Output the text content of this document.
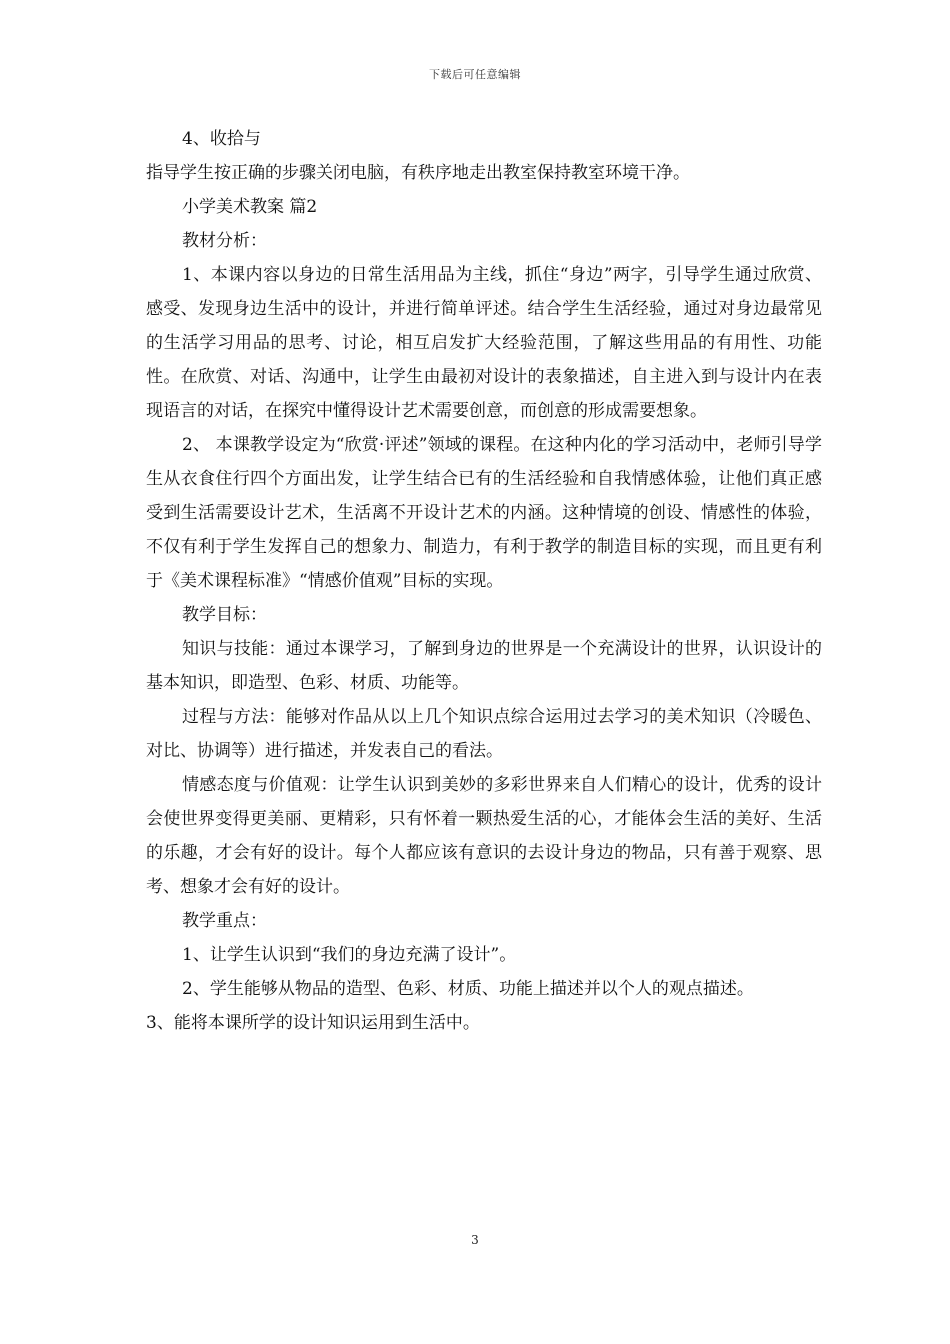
下载后可任意编辑

4、收拾与

指导学生按正确的步骤关闭电脑，有秩序地走出教室保持教室环境干净。

小学美术教案 篇2

教材分析：

1、本课内容以身边的日常生活用品为主线，抓住“身边”两字，引导学生通过欣赏、感受、发现身边生活中的设计，并进行简单评述。结合学生生活经验，通过对身边最常见的生活学习用品的思考、讨论，相互启发扩大经验范围，了解这些用品的有用性、功能性。在欣赏、对话、沟通中，让学生由最初对设计的表象描述，自主进入到与设计内在表现语言的对话，在探究中懂得设计艺术需要创意，而创意的形成需要想象。

2、 本课教学设定为“欣赏·评述”领域的课程。在这种内化的学习活动中，老师引导学生从衣食住行四个方面出发，让学生结合已有的生活经验和自我情感体验，让他们真正感受到生活需要设计艺术，生活离不开设计艺术的内涵。这种情境的创设、情感性的体验，不仅有利于学生发挥自己的想象力、制造力，有利于教学的制造目标的实现，而且更有利于《美术课程标准》“情感价值观”目标的实现。

教学目标：

知识与技能：通过本课学习，了解到身边的世界是一个充满设计的世界，认识设计的基本知识，即造型、色彩、材质、功能等。

过程与方法：能够对作品从以上几个知识点综合运用过去学习的美术知识（冷暖色、对比、协调等）进行描述，并发表自己的看法。

情感态度与价值观：让学生认识到美妙的多彩世界来自人们精心的设计，优秀的设计会使世界变得更美丽、更精彩，只有怀着一颗热爱生活的心，才能体会生活的美好、生活的乐趣，才会有好的设计。每个人都应该有意识的去设计身边的物品，只有善于观察、思考、想象才会有好的设计。

教学重点：

1、让学生认识到“我们的身边充满了设计”。

2、学生能够从物品的造型、色彩、材质、功能上描述并以个人的观点描述。

3、能将本课所学的设计知识运用到生活中。

3
